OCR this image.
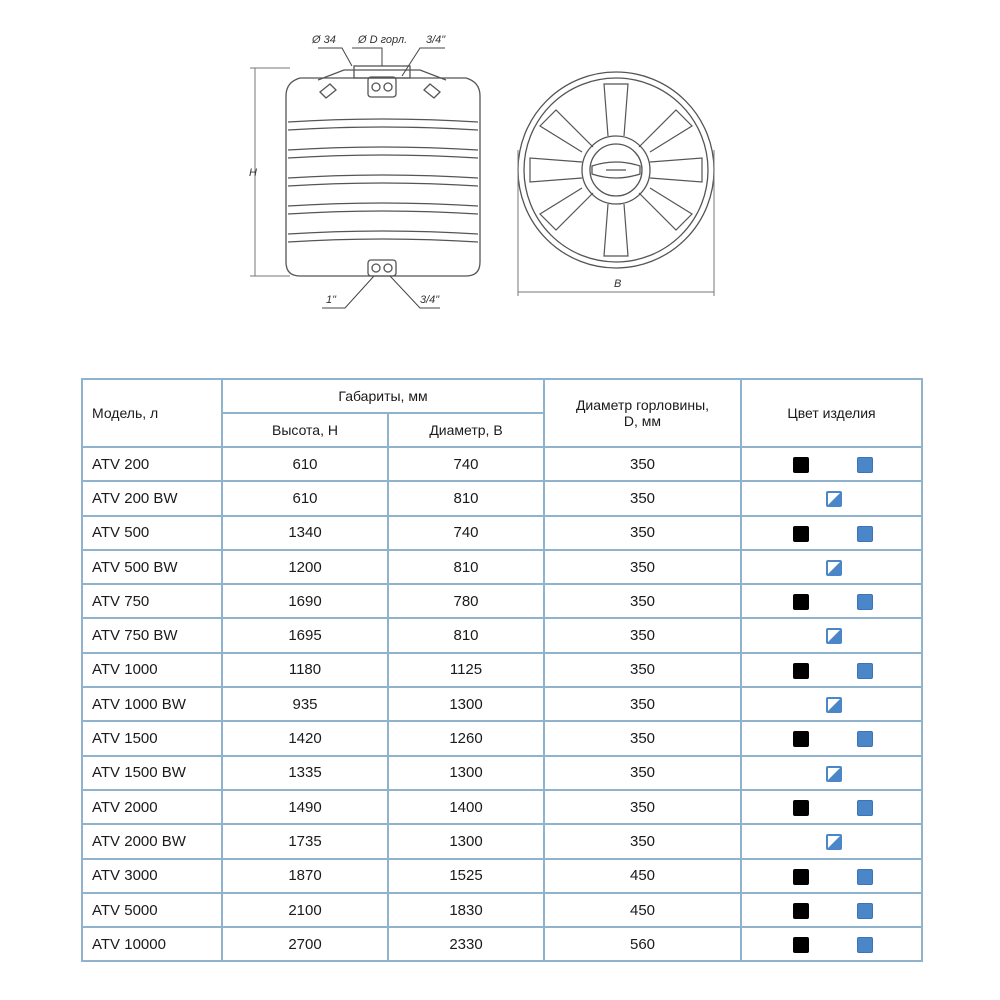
Ø 34 Ø D горл. 3/4"
H
1"	3/4"
B
Модель, л	Габариты, мм		Диаметр горловины,
D, мм	Цвет изделия
	Высота, H	Диаметр, B		
ATV 200	610	740	350	

ATV 200 BW	610	810	350	

ATV 500	1340	740	350	

ATV 500 BW	1200	810	350	

ATV 750	1690	780	350	

ATV 750 BW	1695	810	350	

ATV 1000	1180	1125	350	

ATV 1000 BW	935	1300	350	

ATV 1500	1420	1260	350	

ATV 1500 BW	1335	1300	350	

ATV 2000	1490	1400	350	

ATV 2000 BW	1735	1300	350	

ATV 3000	1870	1525	450	

ATV 5000	2100	1830	450	

ATV 10000	2700	2330	560	
